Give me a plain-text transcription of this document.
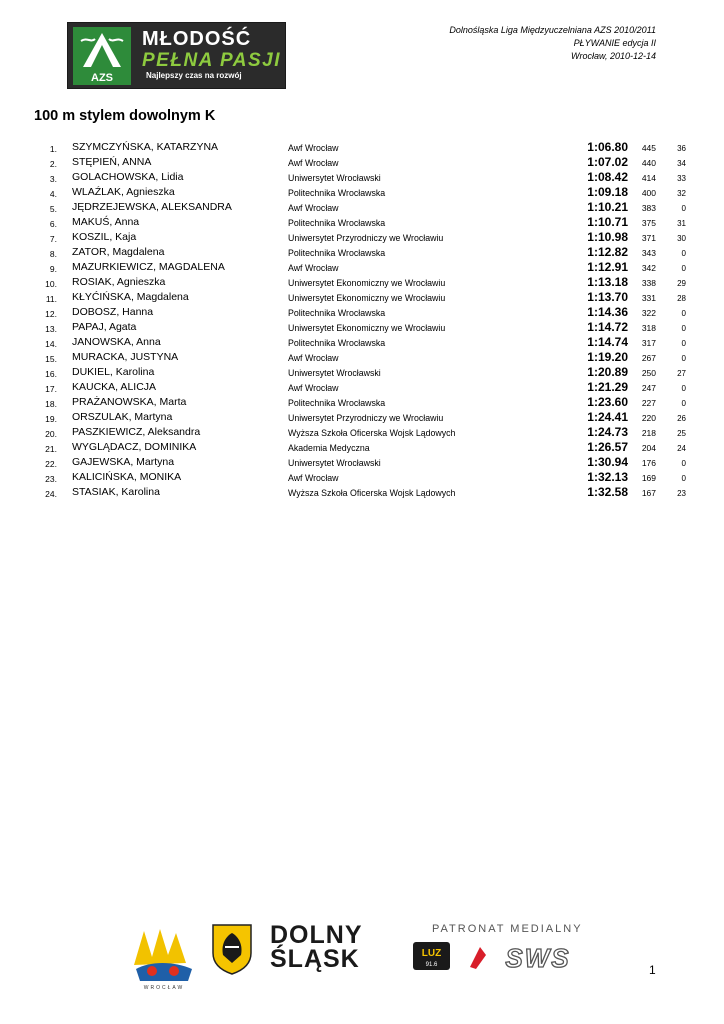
AZS
MŁODOŚĆ
PEŁNA PASJI
Najlepszy czas na rozwój
Dolnośląska Liga Międzyuczelniana AZS 2010/2011
PŁYWANIE edycja II
Wrocław, 2010-12-14
100 m stylem dowolnym K
1. SZYMCZYŃSKA, KATARZYNA	Awf Wrocław	1:06.80	445	36
2. STĘPIEŃ, ANNA	Awf Wrocław	1:07.02	440	34
3. GOLACHOWSKA, Lidia	Uniwersytet Wrocławski	1:08.42	414	33
4. WLAŹLAK, Agnieszka	Politechnika Wrocławska	1:09.18	400	32
5. JĘDRZEJEWSKA, ALEKSANDRA	Awf Wrocław	1:10.21	383	0
6. MAKUŚ, Anna	Politechnika Wrocławska	1:10.71	375	31
7. KOSZIL, Kaja	Uniwersytet Przyrodniczy we Wrocławiu	1:10.98	371	30
8. ZATOR, Magdalena	Politechnika Wrocławska	1:12.82	343	0
9. MAZURKIEWICZ, MAGDALENA	Awf Wrocław	1:12.91	342	0
10. ROSIAK, Agnieszka	Uniwersytet Ekonomiczny we Wrocławiu	1:13.18	338	29
11. KŁYĆIŃSKA, Magdalena	Uniwersytet Ekonomiczny we Wrocławiu	1:13.70	331	28
12. DOBOSZ, Hanna	Politechnika Wrocławska	1:14.36	322	0
13. PAPAJ, Agata	Uniwersytet Ekonomiczny we Wrocławiu	1:14.72	318	0
14. JANOWSKA, Anna	Politechnika Wrocławska	1:14.74	317	0
15. MURACKA, JUSTYNA	Awf Wrocław	1:19.20	267	0
16. DUKIEL, Karolina	Uniwersytet Wrocławski	1:20.89	250	27
17. KAUCKA, ALICJA	Awf Wrocław	1:21.29	247	0
18. PRAŻANOWSKA, Marta	Politechnika Wrocławska	1:23.60	227	0
19. ORSZULAK, Martyna	Uniwersytet Przyrodniczy we Wrocławiu	1:24.41	220	26
20. PASZKIEWICZ, Aleksandra	Wyższa Szkoła Oficerska Wojsk Lądowych	1:24.73	218	25
21. WYGLĄDACZ, DOMINIKA	Akademia Medyczna	1:26.57	204	24
22. GAJEWSKA, Martyna	Uniwersytet Wrocławski	1:30.94	176	0
23. KALICIŃSKA, MONIKA	Awf Wrocław	1:32.13	169	0
24. STASIAK, Karolina	Wyższa Szkoła Oficerska Wojsk Lądowych	1:32.58	167	23
WROCŁAW
DOLNY
ŚLĄSK
PATRONAT MEDIALNY
LUZ
91.6	SWS	1
